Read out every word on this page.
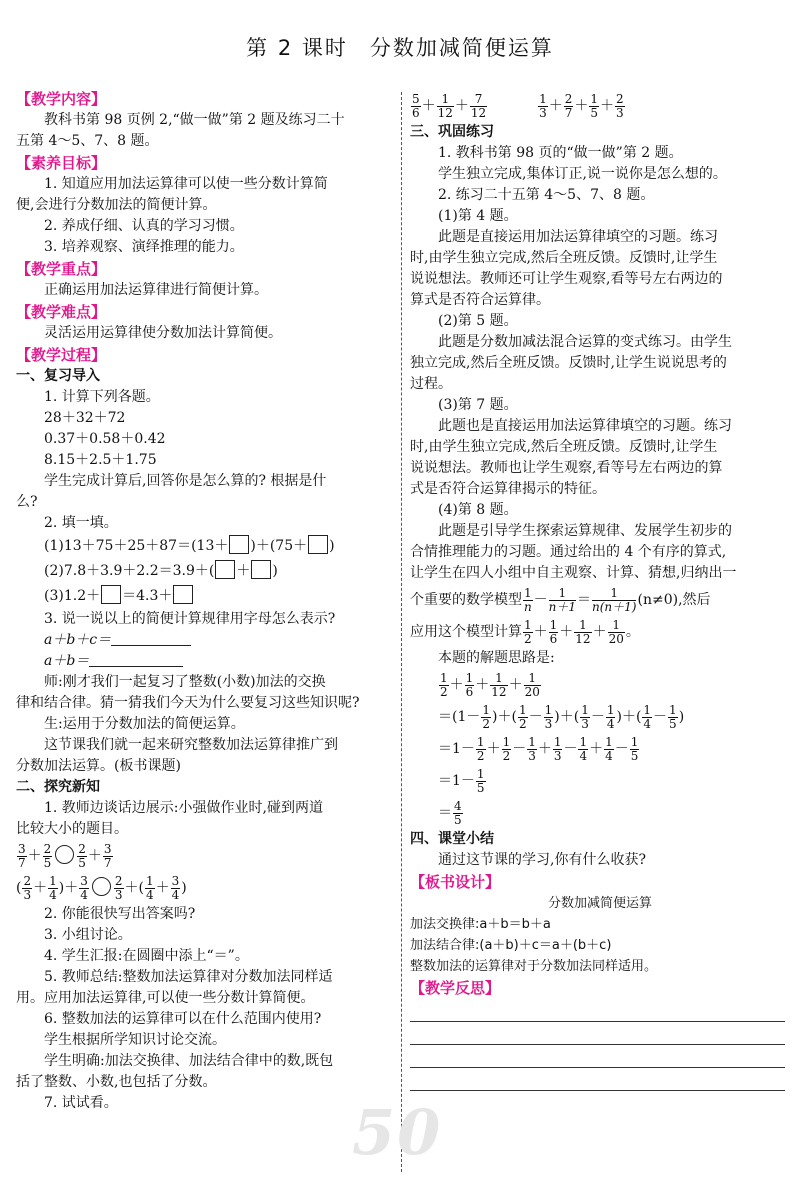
第 2 课时 分数加减简便运算
【教学内容】
教科书第 98 页例 2,“做一做”第 2 题及练习二十
五第 4～5、7、8 题。
【素养目标】
1. 知道应用加法运算律可以使一些分数计算简
便,会进行分数加法的简便计算。
2. 养成仔细、认真的学习习惯。
3. 培养观察、演绎推理的能力。
【教学重点】
正确运用加法运算律进行简便计算。
【教学难点】
灵活运用运算律使分数加法计算简便。
【教学过程】
一、复习导入
1. 计算下列各题。
28＋32＋72
0.37＋0.58＋0.42
8.15＋2.5＋1.75
学生完成计算后,回答你是怎么算的? 根据是什
么?
2. 填一填。
(1)13＋75＋25＋87＝(13＋ )＋(75＋ )
(2)7.8＋3.9＋2.2＝3.9＋( ＋ )
(3)1.2＋ ＝4.3＋
3. 说一说以上的简便计算规律用字母怎么表示?
a＋b＋c＝
a＋b＝
师:刚才我们一起复习了整数(小数)加法的交换
律和结合律。猜一猜我们今天为什么要复习这些知识呢?
生:运用于分数加法的简便运算。
这节课我们就一起来研究整数加法运算律推广到
分数加法运算。(板书课题)
二、探究新知
1. 教师边谈话边展示:小强做作业时,碰到两道
比较大小的题目。
$\frac{3}{7} + \frac{2}{5} \frac{2}{5} + \frac{3}{7}$
( $\frac{2}{3} + \frac{1}{4}$ )＋ $\frac{3}{4} \frac{2}{3}$ ＋( $\frac{1}{4} + \frac{3}{4}$ )
2. 你能很快写出答案吗?
3. 小组讨论。
4. 学生汇报:在圆圈中添上“＝”。
5. 教师总结:整数加法运算律对分数加法同样适
用。应用加法运算律,可以使一些分数计算简便。
6. 整数加法的运算律可以在什么范围内使用?
学生根据所学知识讨论交流。
学生明确:加法交换律、加法结合律中的数,既包
括了整数、小数,也包括了分数。
7. 试试看。
$\frac{5}{6} + \frac{1}{12} + \frac{7}{12}$
	$\frac{1}{3} + \frac{2}{7} + \frac{1}{5} + \frac{2}{3}$
三、巩固练习
1. 教科书第 98 页的“做一做”第 2 题。
学生独立完成,集体订正,说一说你是怎么想的。
2. 练习二十五第 4～5、7、8 题。
(1)第 4 题。
此题是直接运用加法运算律填空的习题。练习
时,由学生独立完成,然后全班反馈。反馈时,让学生
说说想法。教师还可让学生观察,看等号左右两边的
算式是否符合运算律。
(2)第 5 题。
此题是分数加减法混合运算的变式练习。由学生
独立完成,然后全班反馈。反馈时,让学生说说思考的
过程。
(3)第 7 题。
此题也是直接运用加法运算律填空的习题。练习
时,由学生独立完成,然后全班反馈。反馈时,让学生
说说想法。教师也让学生观察,看等号左右两边的算
式是否符合运算律揭示的特征。
(4)第 8 题。
此题是引导学生探索运算规律、发展学生初步的
合情推理能力的习题。通过给出的 4 个有序的算式,
让学生在四人小组中自主观察、计算、猜想,归纳出一
个重要的数学模型 $\frac{1}{n}- \frac{1}{n+1}= \frac{1}{n(n+1)}(n\ne 0)$,然后
应用这个模型计算 $\frac{1}{2} + \frac{1}{6} + \frac{1}{12} + \frac{1}{20}$ 。
本题的解题思路是:
$\frac{1}{2} + \frac{1}{6} + \frac{1}{12} + \frac{1}{20}$
$=(1- \frac{1}{2}$ )＋( $\frac{1}{2} - \frac{1}{3}$ )＋( $\frac{1}{3} - \frac{1}{4}$ )＋( $\frac{1}{4} - \frac{1}{5}$ )
$=1- \frac{1}{2} + \frac{1}{2} - \frac{1}{3} + \frac{1}{3} - \frac{1}{4} + \frac{1}{4} - \frac{1}{5}$
$=1- \frac{1}{5}$
＝ $\frac{4}{5}$
四、课堂小结
通过这节课的学习,你有什么收获?
【板书设计】
分数加减简便运算
加法交换律:a＋b＝b＋a
加法结合律:(a＋b)＋c＝a＋(b＋c)
整数加法的运算律对于分数加法同样适用。
【教学反思】
50
